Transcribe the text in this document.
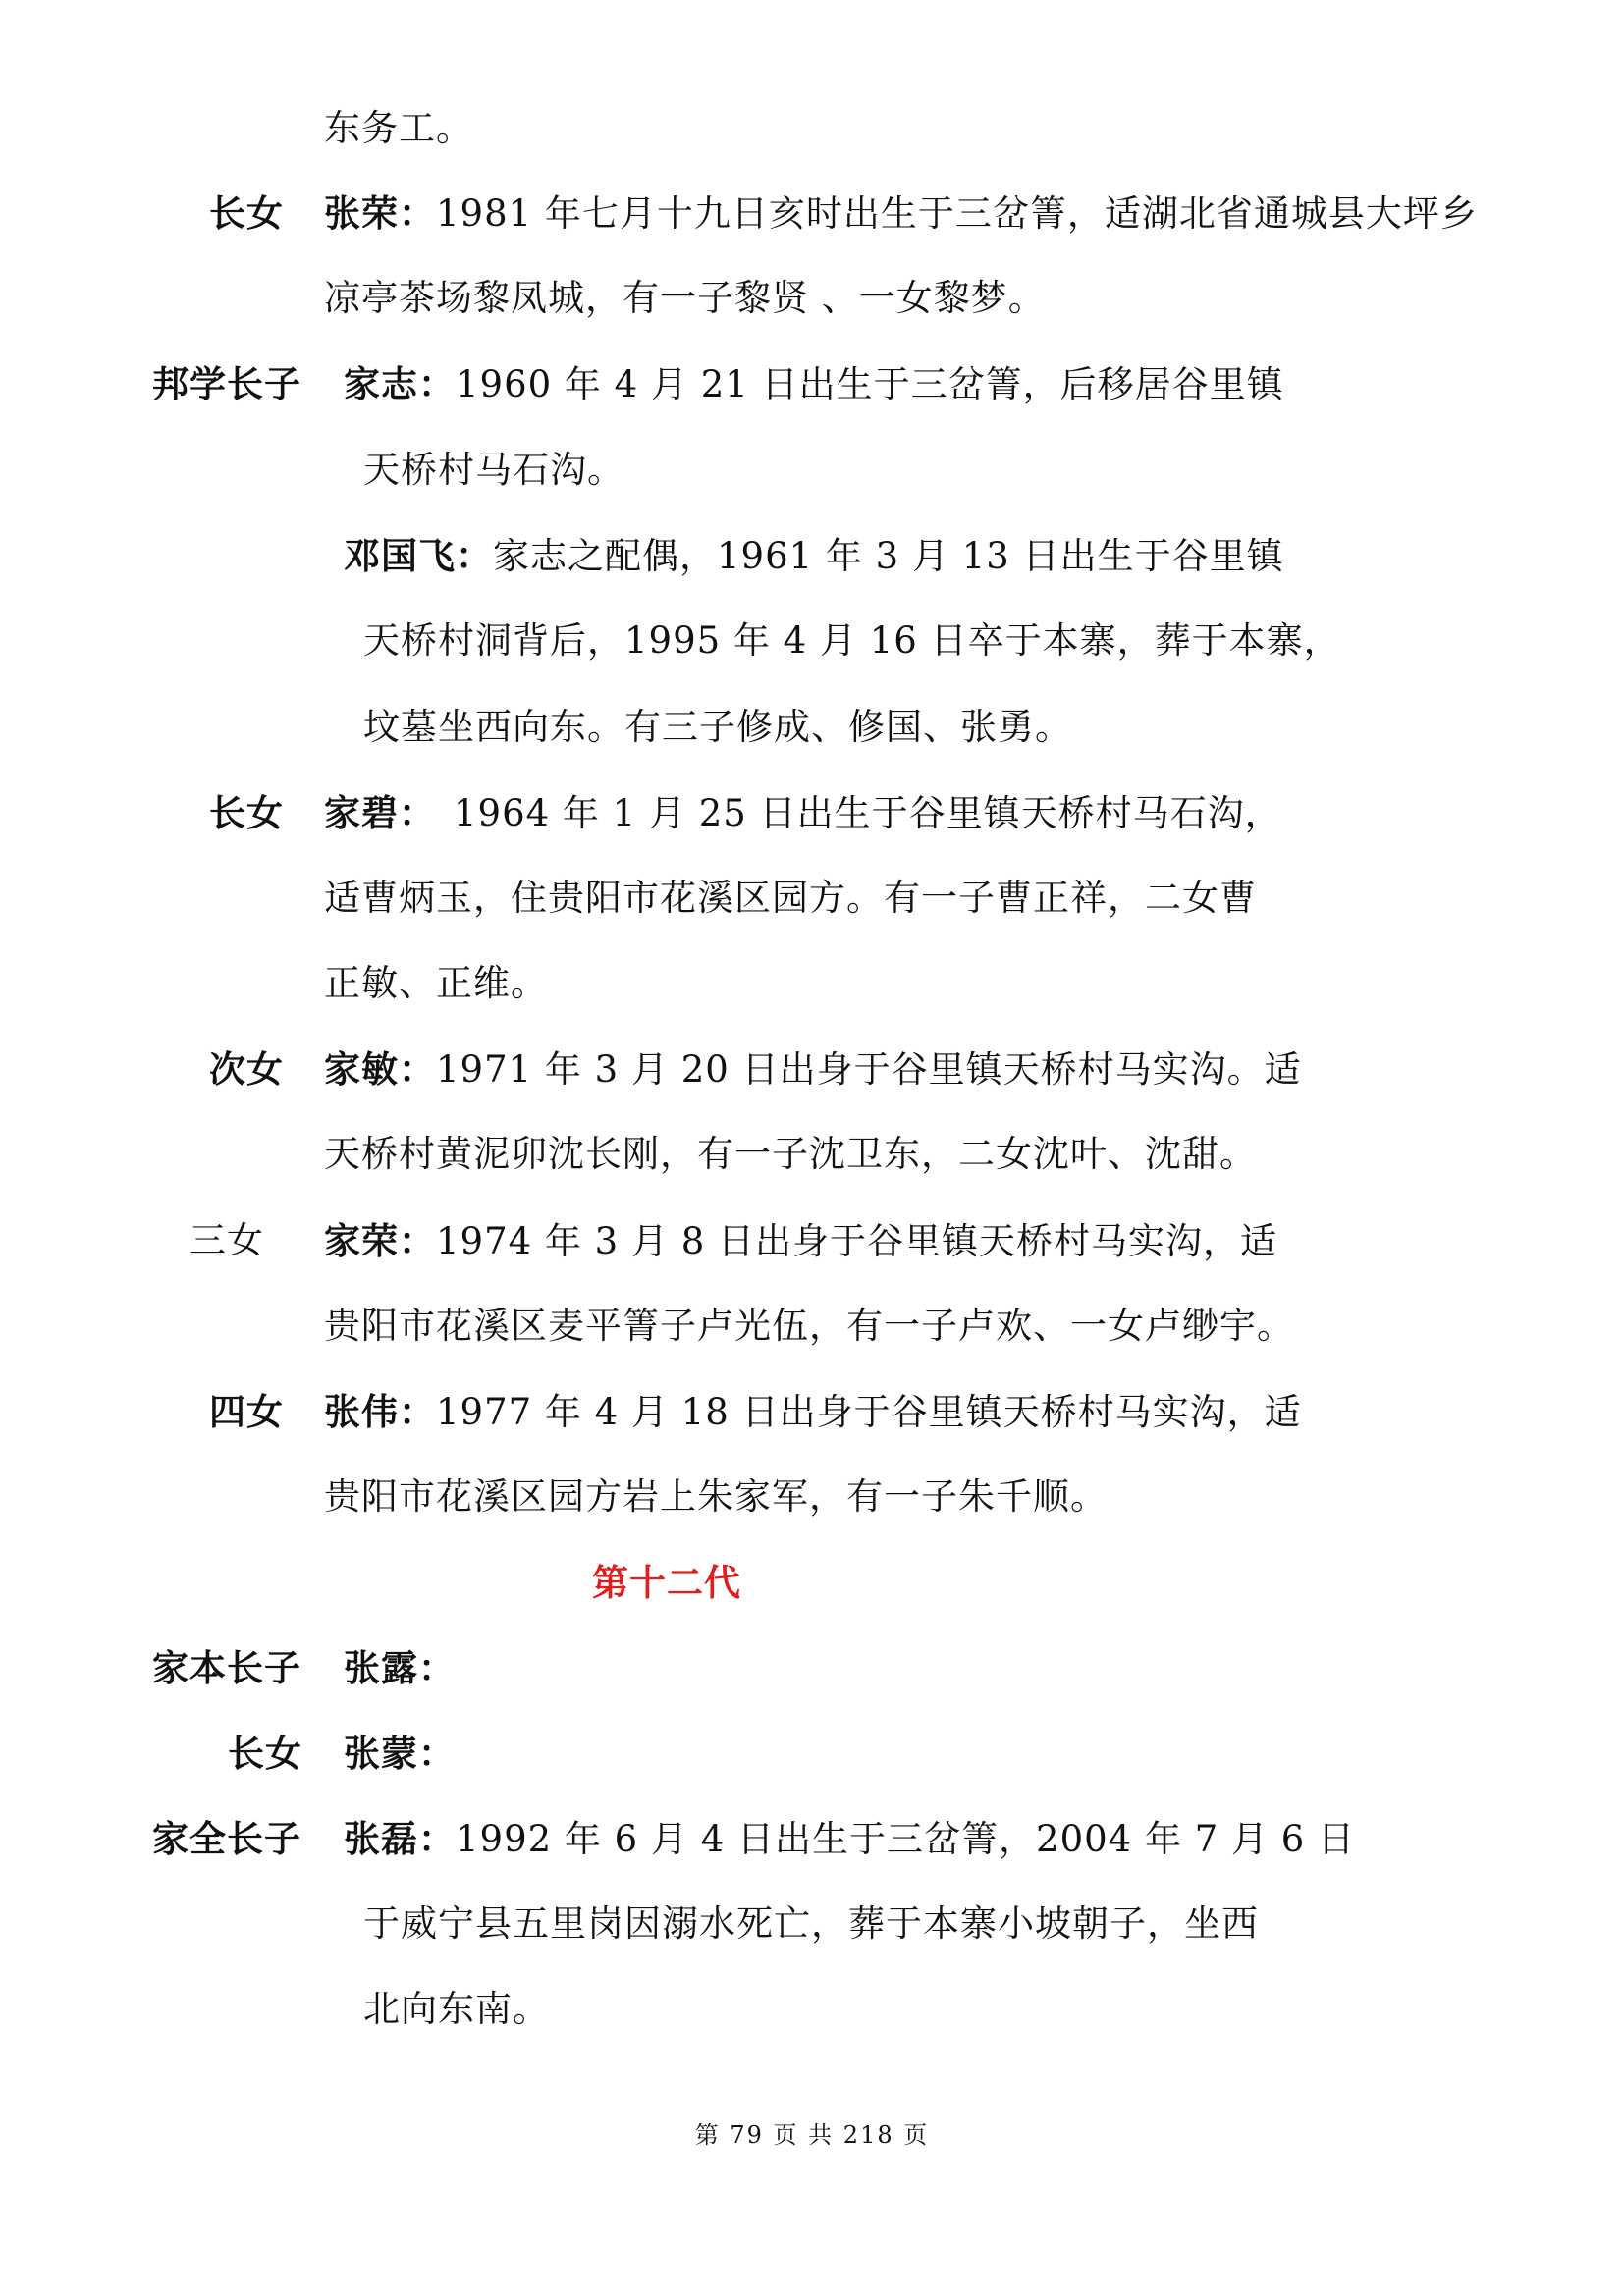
东务工。
长女 张荣：1981 年七月十九日亥时出生于三岔箐，适湖北省通城县大坪乡
凉亭茶场黎凤城，有一子黎贤 、一女黎梦。
邦学长子 家志：1960 年 4 月 21 日出生于三岔箐，后移居谷里镇
天桥村马石沟。
邓国飞：家志之配偶，1961 年 3 月 13 日出生于谷里镇
天桥村洞背后，1995 年 4 月 16 日卒于本寨，葬于本寨，
坟墓坐西向东。有三子修成、修国、张勇。
长女 家碧： 1964 年 1 月 25 日出生于谷里镇天桥村马石沟，
适曹炳玉，住贵阳市花溪区园方。有一子曹正祥，二女曹
正敏、正维。
次女 家敏：1971 年 3 月 20 日出身于谷里镇天桥村马实沟。适
天桥村黄泥卯沈长刚，有一子沈卫东，二女沈叶、沈甜。
三女 家荣：1974 年 3 月 8 日出身于谷里镇天桥村马实沟，适
贵阳市花溪区麦平箐子卢光伍，有一子卢欢、一女卢缈宇。
四女 张伟：1977 年 4 月 18 日出身于谷里镇天桥村马实沟，适
贵阳市花溪区园方岩上朱家军，有一子朱千顺。
第十二代
家本长子 张露：
长女 张蒙：
家全长子 张磊：1992 年 6 月 4 日出生于三岔箐，2004 年 7 月 6 日
于威宁县五里岗因溺水死亡，葬于本寨小坡朝子，坐西
北向东南。
第 79 页 共 218 页
